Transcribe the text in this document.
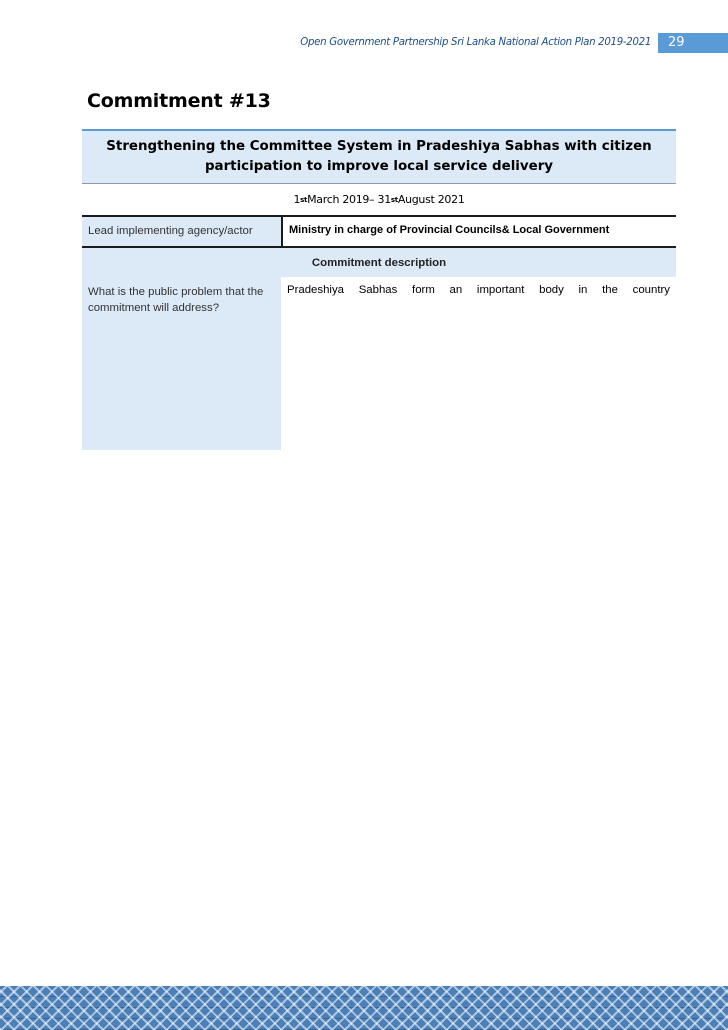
Open Government Partnership Sri Lanka National Action Plan 2019-2021	29
Commitment #13
Strengthening the Committee System in Pradeshiya Sabhas with citizen participation to improve local service delivery
1 st March 2019– 31 st August 2021
Lead implementing agency/actor	Ministry in charge of Provincial Councils& Local Government
Commitment description
What is the public problem that the commitment will address?
Pradeshiya Sabhas form an important body in the country
